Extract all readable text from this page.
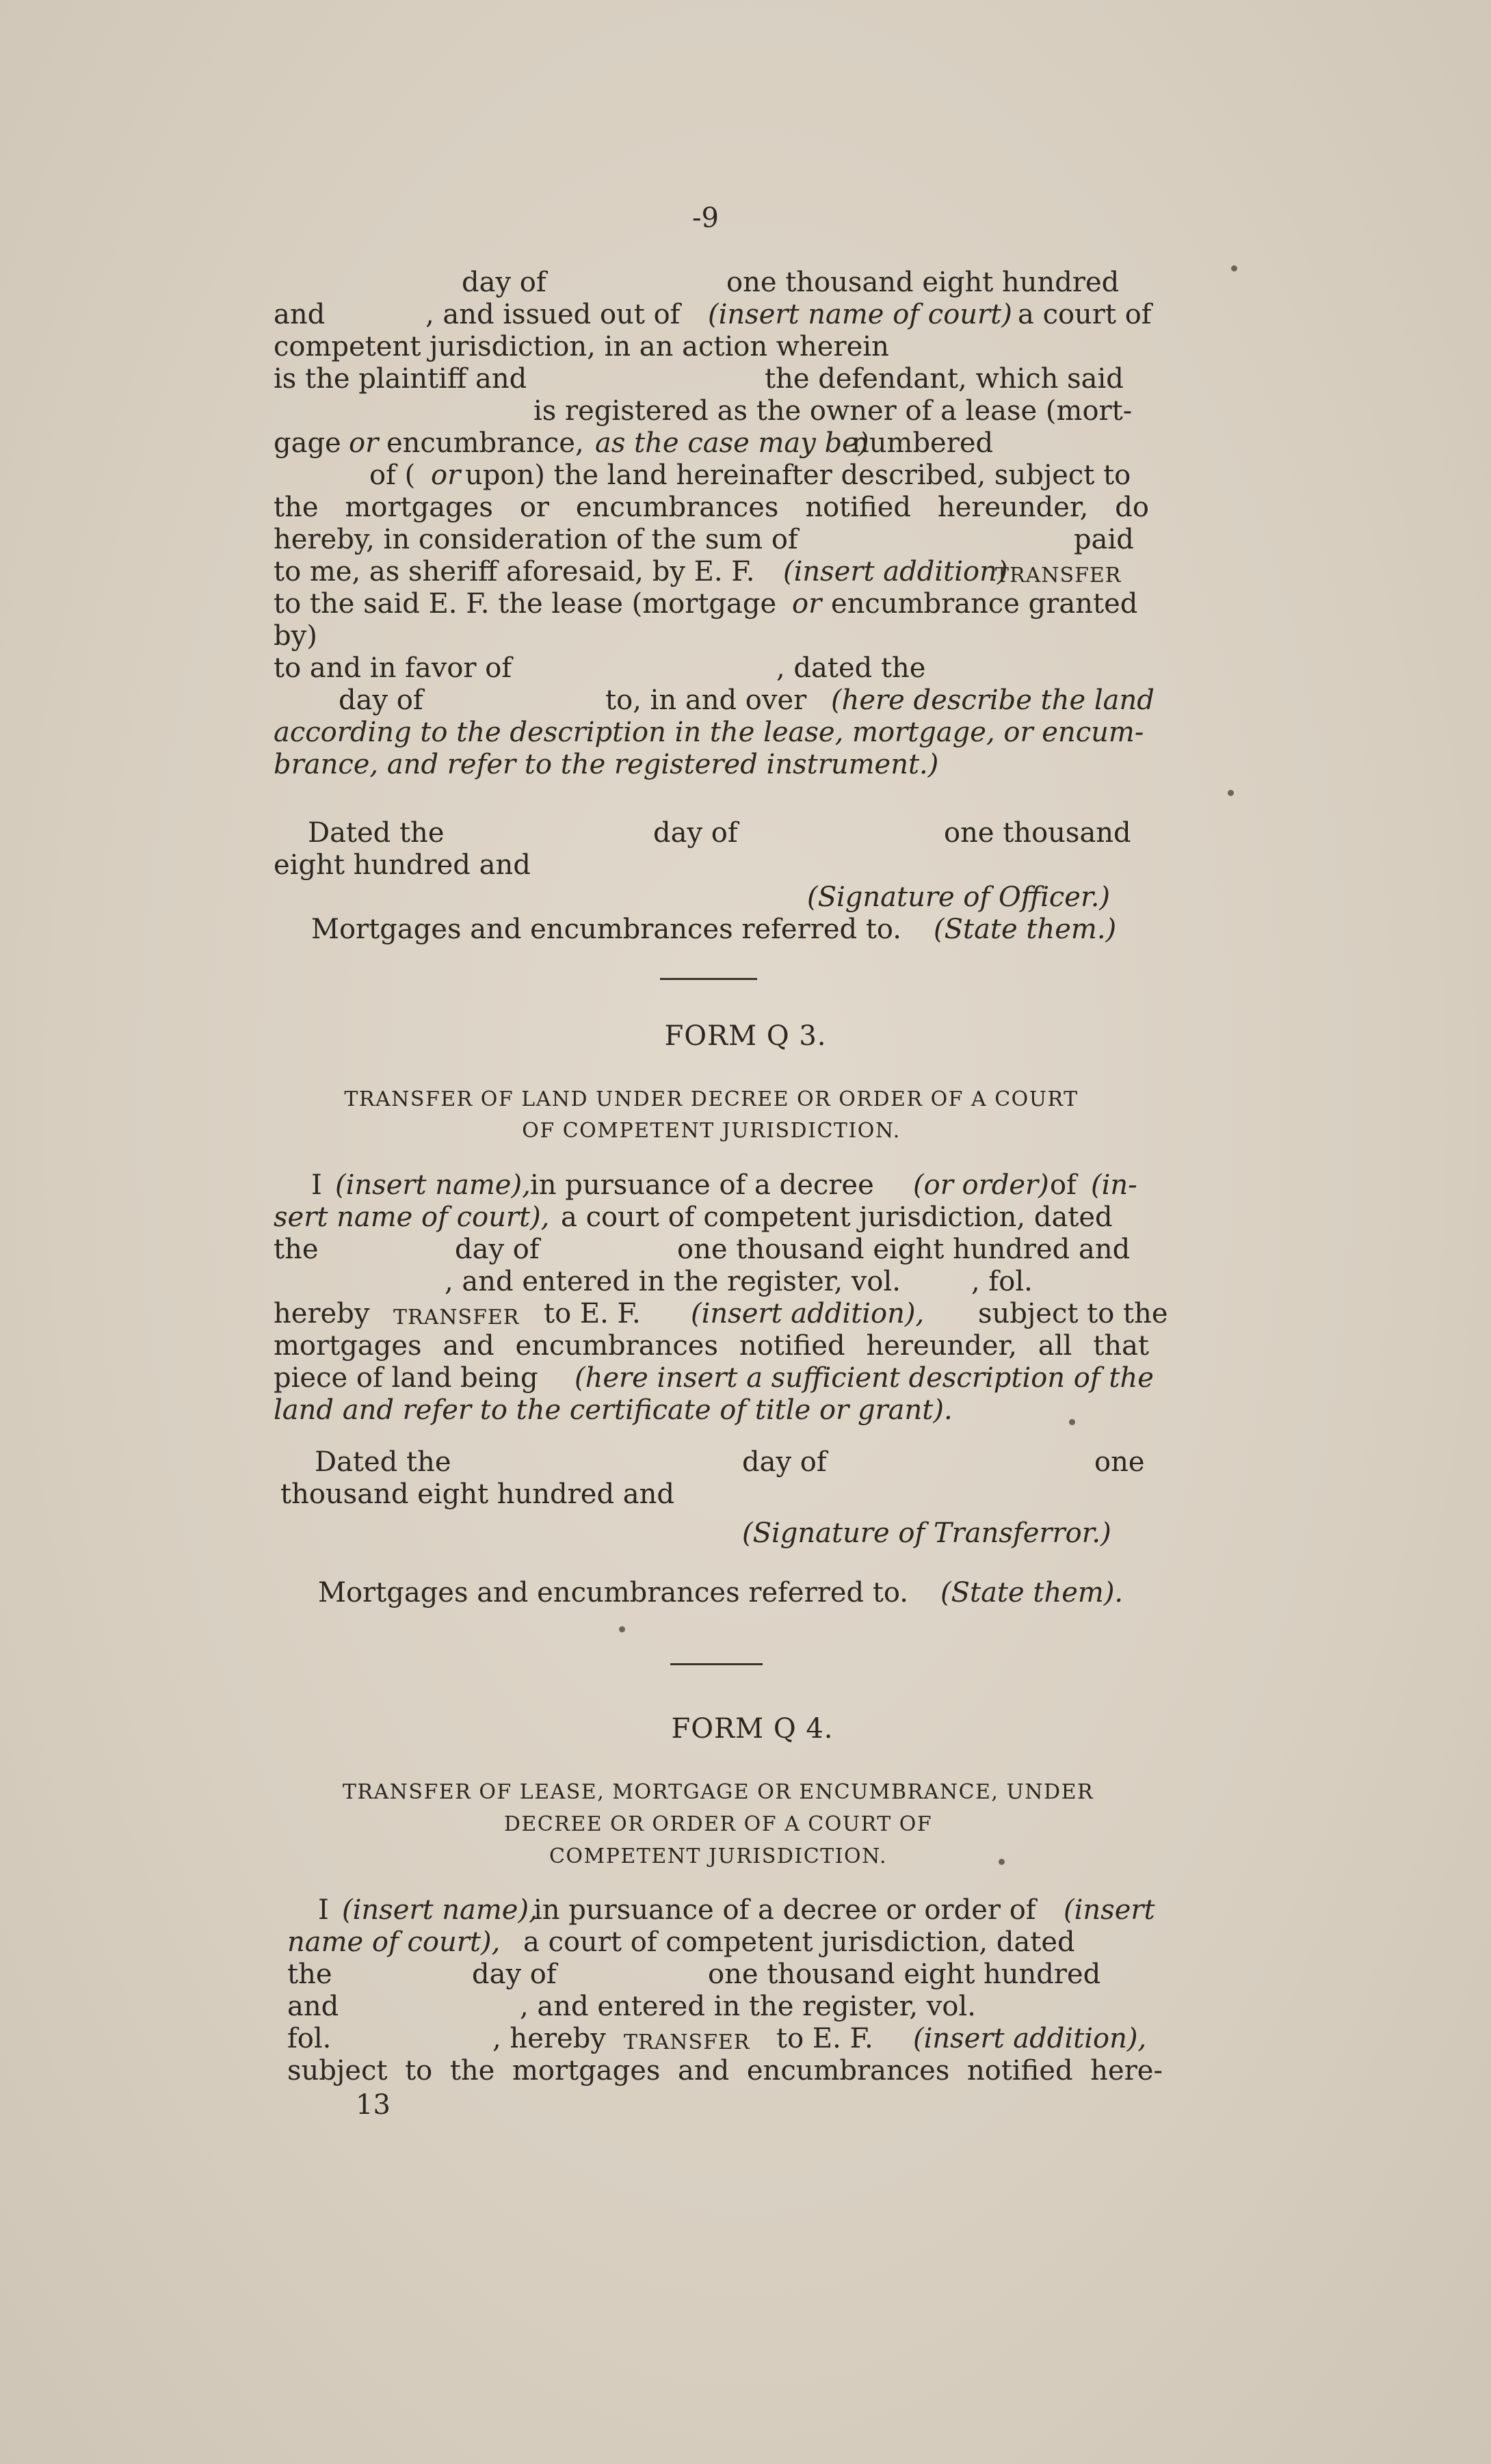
-9
day of	one thousand eight hundred
and	, and issued out of (insert name of court) a court of
competent jurisdiction, in an action wherein
is the plaintiff and	the defendant, which said
is registered as the owner of a lease (mort-
gage or encumbrance, as the case may be)
numbered
of ( or upon) the land hereinafter described, subject to
the mortgages or encumbrances notified hereunder, do
hereby, in consideration of the sum of	paid
to me, as sheriff aforesaid, by E. F. (insert addition)
TRANSFER
to the said E. F. the lease (mortgage or encumbrance granted
by)
to and in favor of	, dated the
day of	to, in and over (here describe the land
according to the description in the lease, mortgage, or encum-
brance, and refer to the registered instrument.)
Dated the	day of	one thousand
eight hundred and
(Signature of Officer.)
Mortgages and encumbrances referred to. (State them.)
FORM Q 3.
TRANSFER OF LAND UNDER DECREE OR ORDER OF A COURT
OF COMPETENT JURISDICTION.
I (insert name), in pursuance of a decree (or order) of (in-
sert name of court), a court of competent jurisdiction, dated
the	day of	one thousand eight hundred and
, and entered in the register, vol.	, fol.
hereby TRANSFER to E. F. (insert addition), subject to the
mortgages and encumbrances notified hereunder, all that
piece of land being (here insert a sufficient description of the
land and refer to the certificate of title or grant).
Dated the	day of	one
thousand eight hundred and
(Signature of Transferror.)
Mortgages and encumbrances referred to. (State them).
FORM Q 4.
TRANSFER OF LEASE, MORTGAGE OR ENCUMBRANCE, UNDER
DECREE OR ORDER OF A COURT OF
COMPETENT JURISDICTION.
I (insert name),
in pursuance of a decree or order of (insert
name of court), a court of competent jurisdiction, dated
the	day of	one thousand eight hundred
and	, and entered in the register, vol.
fol.	, hereby TRANSFER to E. F. (insert addition),
subject to the mortgages and encumbrances notified here-
13
